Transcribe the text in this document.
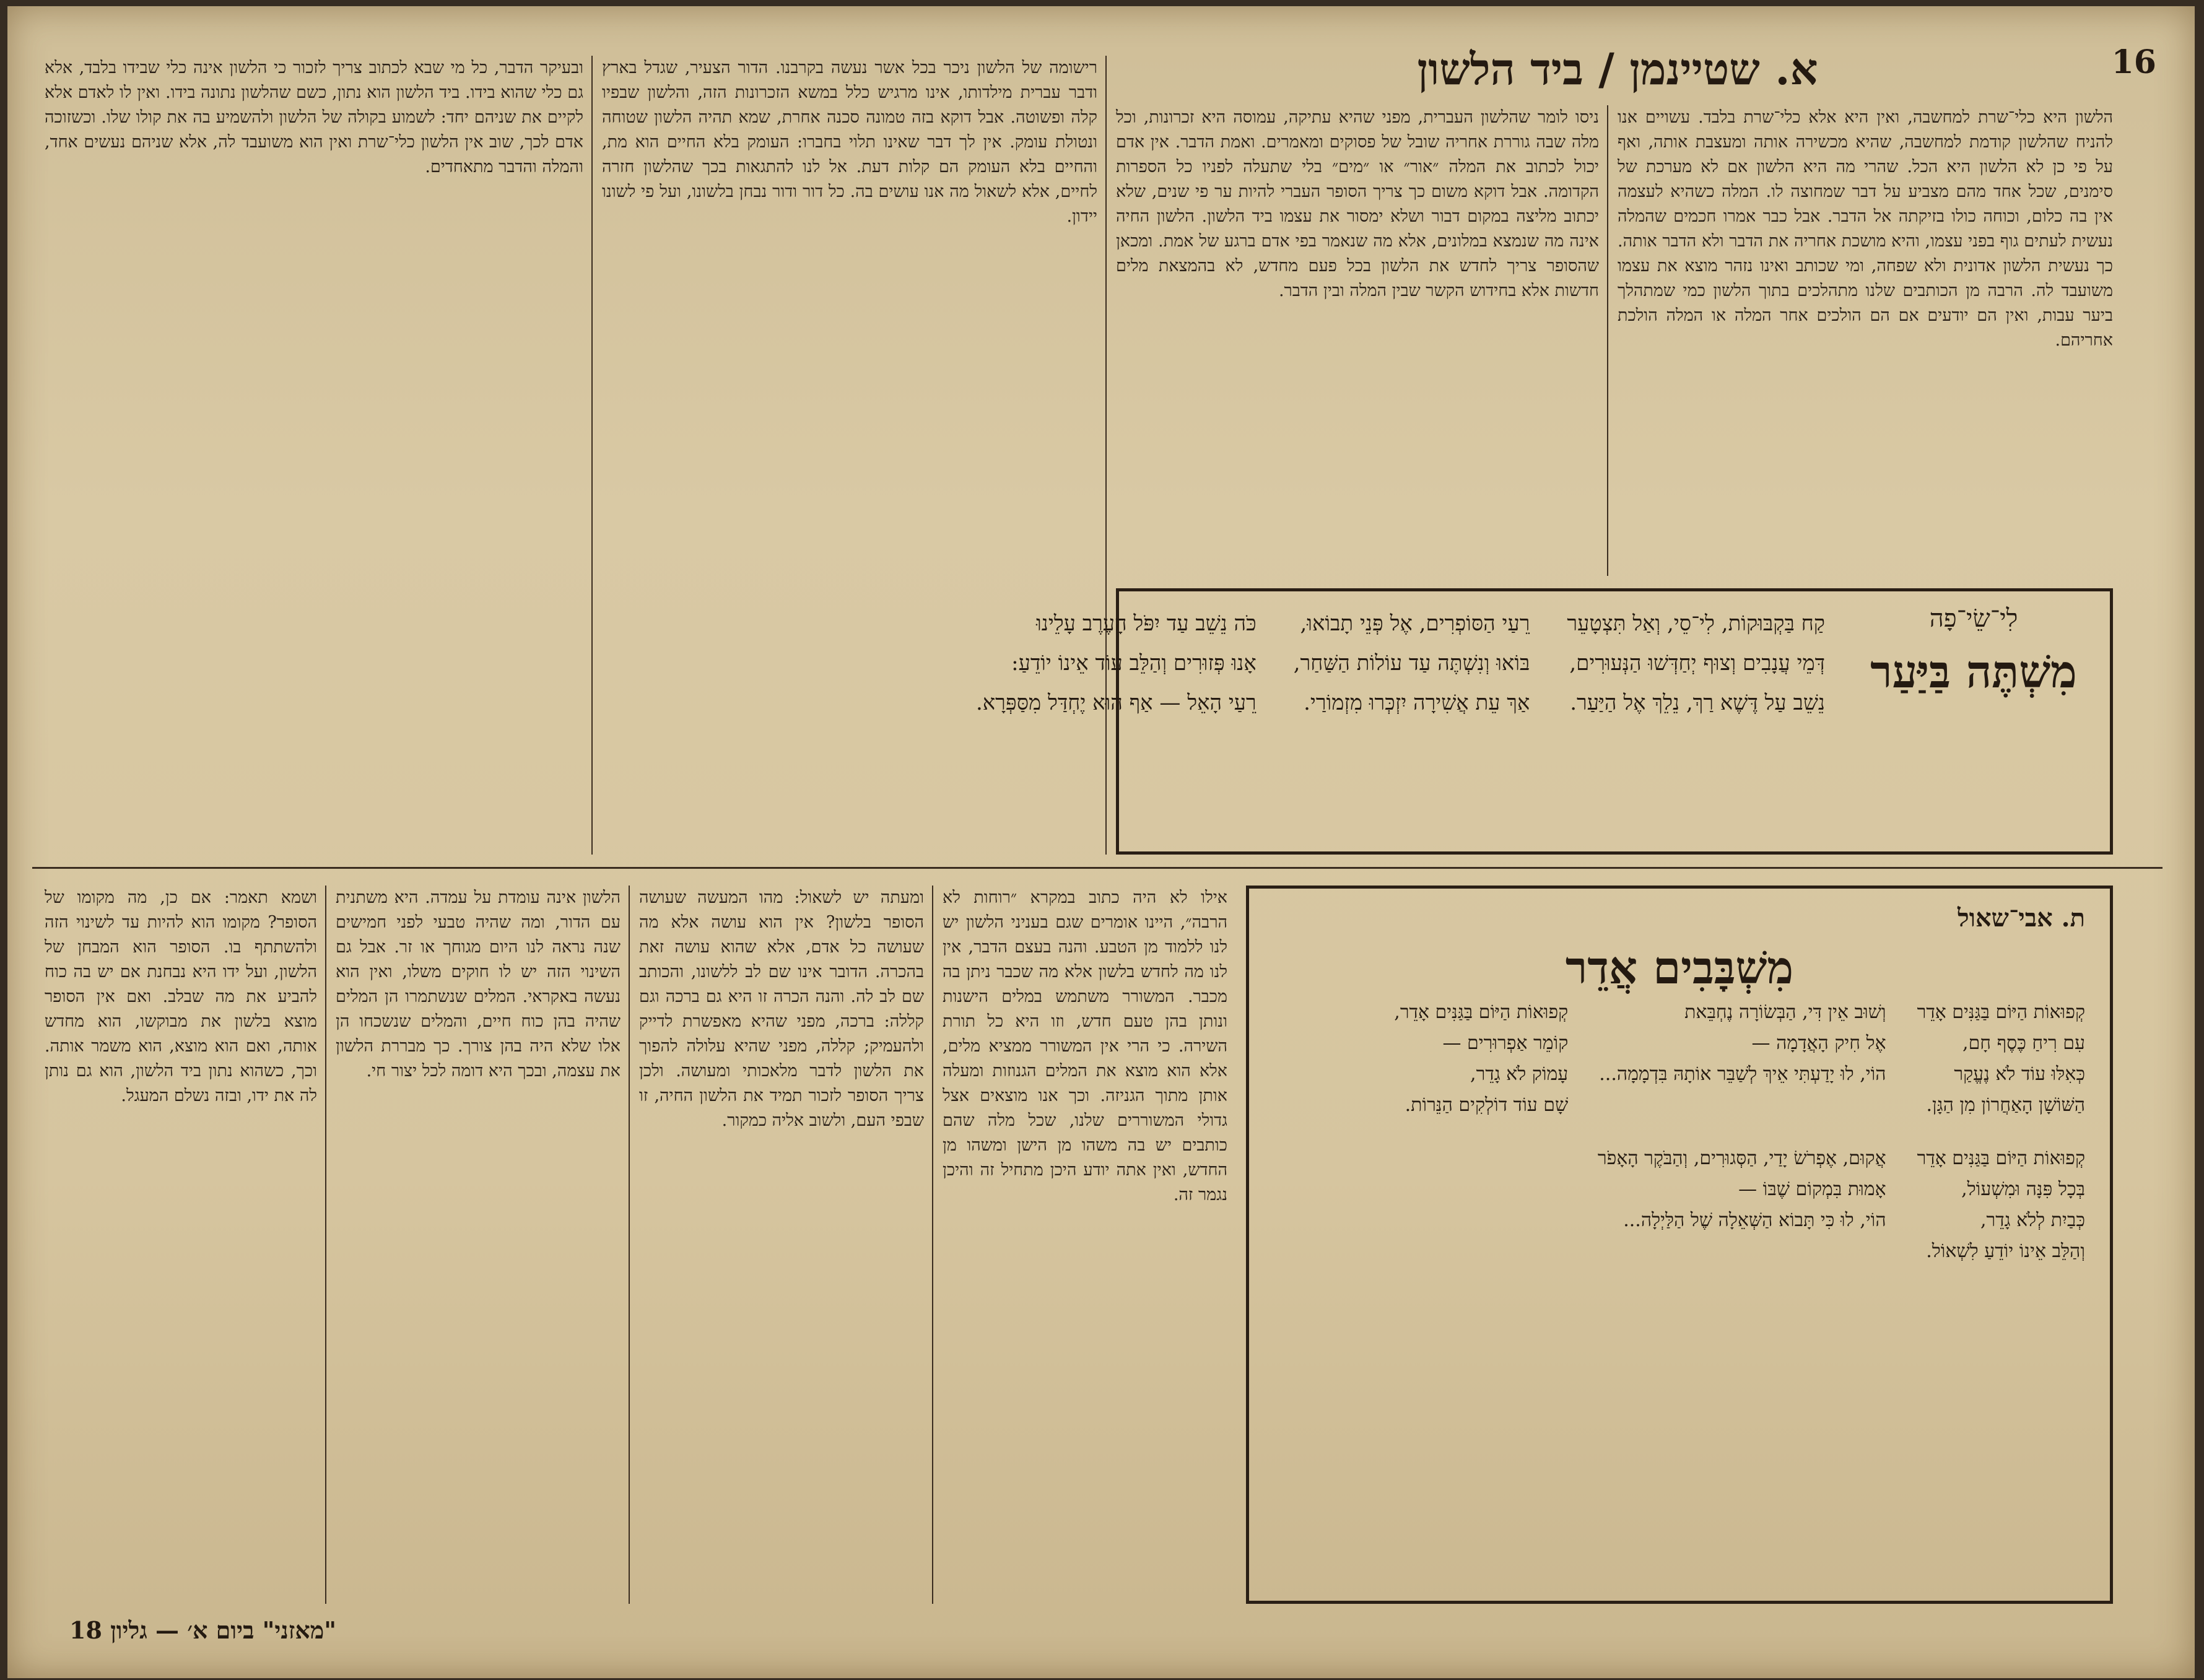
"מאזני" ביום א׳ — גליון 18
א. שטיינמן / ביד הלשון	16
הלשון היא כלי־שרת למחשבה, ואין היא אלא כלי־שרת בלבד. עשויים אנו להניח שהלשון קודמת למחשבה, שהיא מכשירה אותה ומעצבת אותה, ואף על פי כן לא הלשון היא הכל. שהרי מה היא הלשון אם לא מערכת של סימנים, שכל אחד מהם מצביע על דבר שמחוצה לו. המלה כשהיא לעצמה אין בה כלום, וכוחה כולו בזיקתה אל הדבר. אבל כבר אמרו חכמים שהמלה נעשית לעתים גוף בפני עצמו, והיא מושכת אחריה את הדבר ולא הדבר אותה. כך נעשית הלשון אדונית ולא שפחה, ומי שכותב ואינו נזהר מוצא את עצמו משועבד לה. הרבה מן הכותבים שלנו מתהלכים בתוך הלשון כמי שמתהלך ביער עבות, ואין הם יודעים אם הם הולכים אחר המלה או המלה הולכת אחריהם.
ניסו לומר שהלשון העברית, מפני שהיא עתיקה, עמוסה היא זכרונות, וכל מלה שבה גוררת אחריה שובל של פסוקים ומאמרים. ואמת הדבר. אין אדם יכול לכתוב את המלה ״אור״ או ״מים״ בלי שתעלה לפניו כל הספרות הקדומה. אבל דוקא משום כך צריך הסופר העברי להיות ער פי שנים, שלא יכתוב מליצה במקום דבור ושלא ימסור את עצמו ביד הלשון. הלשון החיה אינה מה שנמצא במלונים, אלא מה שנאמר בפי אדם ברגע של אמת. ומכאן שהסופר צריך לחדש את הלשון בכל פעם מחדש, לא בהמצאת מלים חדשות אלא בחידוש הקשר שבין המלה ובין הדבר.
רישומה של הלשון ניכר בכל אשר נעשה בקרבנו. הדור הצעיר, שגדל בארץ ודבר עברית מילדותו, אינו מרגיש כלל במשא הזכרונות הזה, והלשון שבפיו קלה ופשוטה. אבל דוקא בזה טמונה סכנה אחרת, שמא תהיה הלשון שטוחה ונטולת עומק. אין לך דבר שאינו תלוי בחברו: העומק בלא החיים הוא מת, והחיים בלא העומק הם קלות דעת. אל לנו להתגאות בכך שהלשון חזרה לחיים, אלא לשאול מה אנו עושים בה. כל דור ודור נבחן בלשונו, ועל פי לשונו יידון.
ובעיקר הדבר, כל מי שבא לכתוב צריך לזכור כי הלשון אינה כלי שבידו בלבד, אלא גם כלי שהוא בידו. ביד הלשון הוא נתון, כשם שהלשון נתונה בידו. ואין לו לאדם אלא לקיים את שניהם יחד: לשמוע בקולה של הלשון ולהשמיע בה את קולו שלו. וכשזוכה אדם לכך, שוב אין הלשון כלי־שרת ואין הוא משועבד לה, אלא שניהם נעשים אחד, והמלה והדבר מתאחדים.
לִי־שֵׂי־פָה
מִשְׁתֶּה בַּיַּעַר
קַח בַּקְבּוּקוֹת, לִי־סֵי, וְאַל תִּצְטָעֵר
דְּמֵי עֲנָבִים וְצוּף יְחַדְּשׁוּ הַנְּעוּרִים,
נֵשֵׁב עַל דֶּשֶׁא רַךְ, נֵלֵךְ אֶל הַיַּעַר.
רֵעַי הַסּוֹפְרִים, אֶל פְּנֵי תָבוֹאוּ,
בּוֹאוּ וְנִשְׁתֶּה עַד עוֹלוֹת הַשַּׁחַר,
אַךְ עֵת אֲשִׁירָה יִזְכְּרוּ מִזְמוֹרַי.
כֹּה נֵשֵׁב עַד יִפֹּל הָעֶרֶב עָלֵינוּ
אָנוּ פְּזוּרִים וְהַלֵּב עוֹד אֵינוֹ יוֹדֵעַ:
רֵעַי הָאֵל — אַף הוּא יֶחְדַּל מִסַּפְּרָא.
ת. אבי־שאול
מִשְׁבָּבִים אֲדֵר
קְפוּאוֹת הַיּוֹם בַּגַּנִּים אָדֵר
עִם רִיחַ כֶּסֶף חָם,
כְּאִלּוּ עוֹד לֹא נֶעֱקַר
הַשּׁוֹשָׁן הָאַחֲרוֹן מִן הַגָּן.
וְשׁוּב אֵין דִּי, הַבְּשׂוֹרָה נֶחְבֵּאת
אֶל חִיק הָאֲדָמָה —
הוֹי, לוּ יָדַעְתִּי אֵיךְ לְשַׁבֵּר אוֹתָהּ בִּדְמָמָה...
קְפוּאוֹת הַיּוֹם בַּגַּנִּים אָדֵר,
קוֹמֵר אַפְרוּרִים —
עָמוֹק לֹא גָדֵר,
שָׁם עוֹד דוֹלְקִים הַנֵּרוֹת.
קְפוּאוֹת הַיּוֹם בַּגַּנִּים אָדֵר
בְּכָל פִּנָּה וּמִשְׁעוֹל,
כְּבַיִת לְלֹא גָדֵר,
וְהַלֵּב אֵינוֹ יוֹדֵעַ לִשְׁאוֹל.
אֲקוּם, אֶפְרֹשׂ יָדַי, הַסְּגוּרִים, וְהַבֹּקֶר הָאָפֹר
אָמוּת בִּמְקוֹם שֶׁבּוֹ —
הוֹי, לוּ כִּי תָּבוֹא הַשְּׁאֵלָה שֶׁל הַלַּיְלָה...
אילו לא היה כתוב במקרא ״רוחות לא הרבה״, היינו אומרים שגם בעניני הלשון יש לנו ללמוד מן הטבע. והנה בעצם הדבר, אין לנו מה לחדש בלשון אלא מה שכבר ניתן בה מכבר. המשורר משתמש במלים הישנות ונותן בהן טעם חדש, וזו היא כל תורת השירה. כי הרי אין המשורר ממציא מלים, אלא הוא מוצא את המלים הגנוזות ומעלה אותן מתוך הגניזה. וכך אנו מוצאים אצל גדולי המשוררים שלנו, שכל מלה שהם כותבים יש בה משהו מן הישן ומשהו מן החדש, ואין אתה יודע היכן מתחיל זה והיכן נגמר זה.
ומעתה יש לשאול: מהו המעשה שעושה הסופר בלשון? אין הוא עושה אלא מה שעושה כל אדם, אלא שהוא עושה זאת בהכרה. הדובר אינו שם לב ללשונו, והכותב שם לב לה. והנה הכרה זו היא גם ברכה וגם קללה: ברכה, מפני שהיא מאפשרת לדייק ולהעמיק; קללה, מפני שהיא עלולה להפוך את הלשון לדבר מלאכותי ומעושה. ולכן צריך הסופר לזכור תמיד את הלשון החיה, זו שבפי העם, ולשוב אליה כמקור.
הלשון אינה עומדת על עמדה. היא משתנית עם הדור, ומה שהיה טבעי לפני חמישים שנה נראה לנו היום מגוחך או זר. אבל גם השינוי הזה יש לו חוקים משלו, ואין הוא נעשה באקראי. המלים שנשתמרו הן המלים שהיה בהן כוח חיים, והמלים שנשכחו הן אלו שלא היה בהן צורך. כך מבררת הלשון את עצמה, ובכך היא דומה לכל יצור חי.
ושמא תאמר: אם כן, מה מקומו של הסופר? מקומו הוא להיות עד לשינוי הזה ולהשתתף בו. הסופר הוא המבחן של הלשון, ועל ידו היא נבחנת אם יש בה כוח להביע את מה שבלב. ואם אין הסופר מוצא בלשון את מבוקשו, הוא מחדש אותה, ואם הוא מוצא, הוא משמר אותה. וכך, כשהוא נתון ביד הלשון, הוא גם נותן לה את ידו, ובזה נשלם המעגל.
